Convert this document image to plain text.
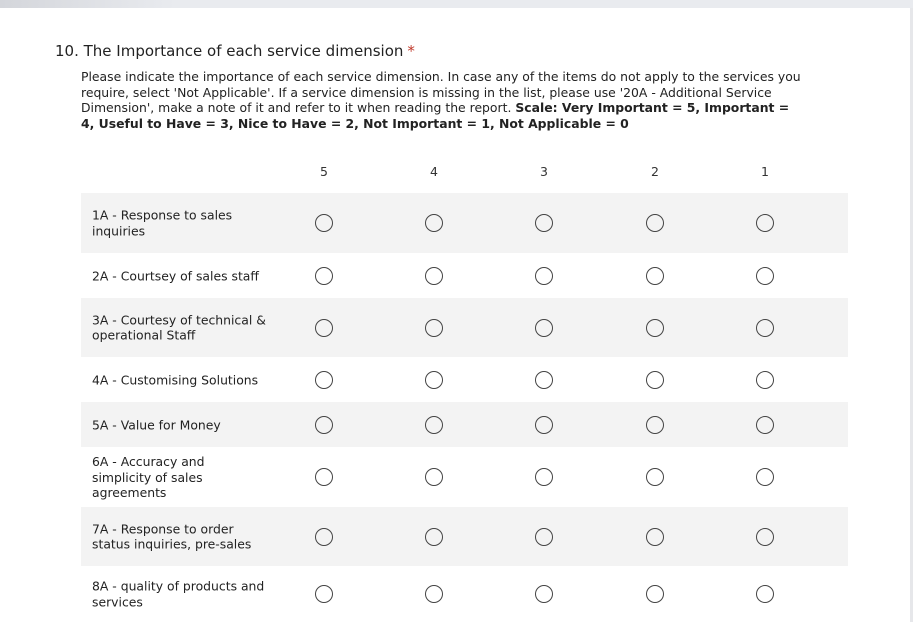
10. The Importance of each service dimension *
Please indicate the importance of each service dimension. In case any of the items do not apply to the services you require, select 'Not Applicable'. If a service dimension is missing in the list, please use '20A - Additional Service Dimension', make a note of it and refer to it when reading the report. Scale: Very Important = 5, Important = 4, Useful to Have = 3, Nice to Have = 2, Not Important = 1, Not Applicable = 0
5	4	3	2	1
1A - Response to sales inquiries
2A - Courtsey of sales staff
3A - Courtesy of technical & operational Staff
4A - Customising Solutions
5A - Value for Money
6A - Accuracy and simplicity of sales agreements
7A - Response to order status inquiries, pre-sales
8A - quality of products and services
